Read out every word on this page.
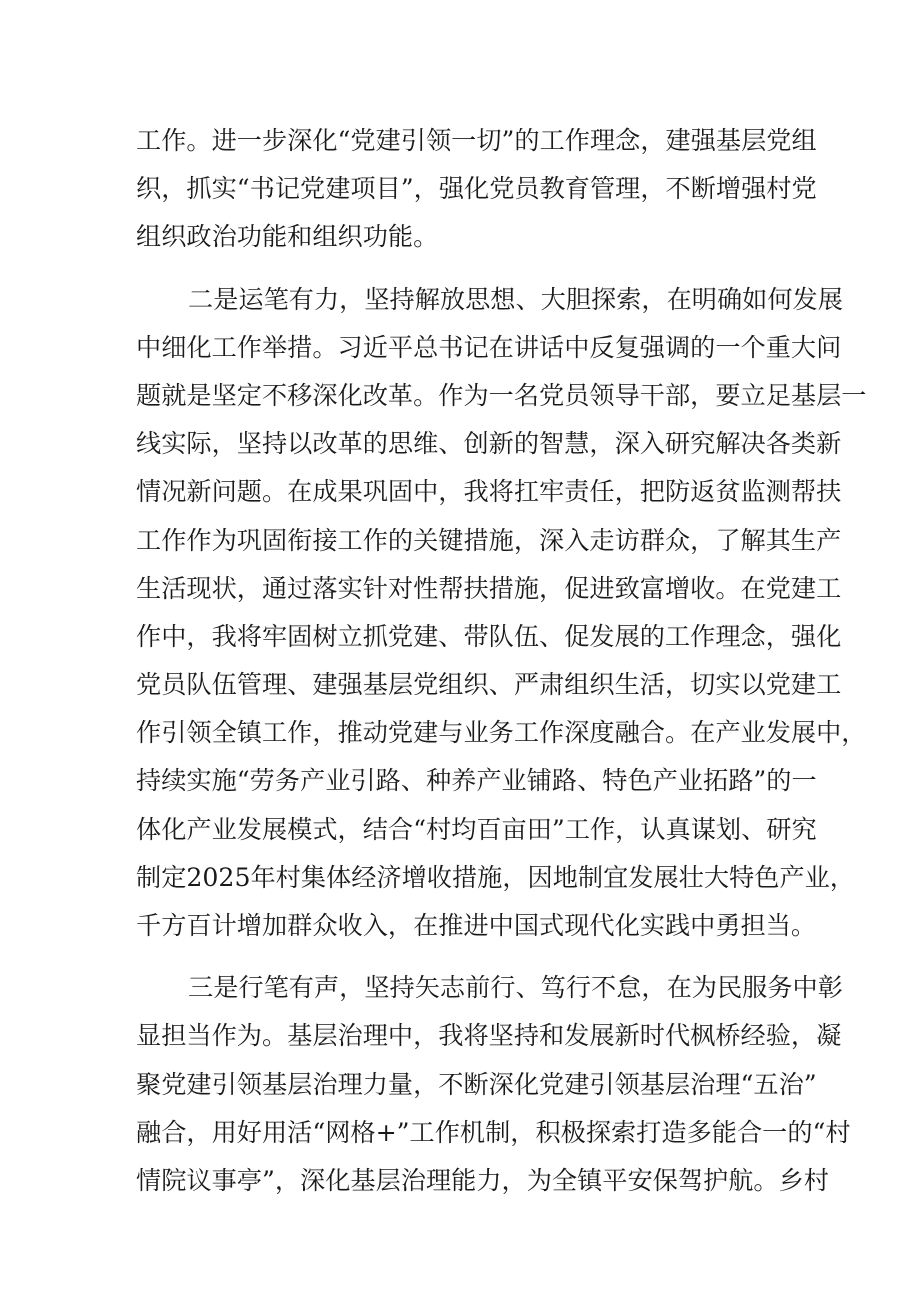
工作。进一步深化“党建引领一切”的工作理念，建强基层党组
织，抓实“书记党建项目”，强化党员教育管理，不断增强村党
组织政治功能和组织功能。
二是运笔有力，坚持解放思想、大胆探索，在明确如何发展
中细化工作举措。习近平总书记在讲话中反复强调的一个重大问
题就是坚定不移深化改革。作为一名党员领导干部，要立足基层一
线实际，坚持以改革的思维、创新的智慧，深入研究解决各类新
情况新问题。在成果巩固中，我将扛牢责任，把防返贫监测帮扶
工作作为巩固衔接工作的关键措施，深入走访群众，了解其生产
生活现状，通过落实针对性帮扶措施，促进致富增收。在党建工
作中，我将牢固树立抓党建、带队伍、促发展的工作理念，强化
党员队伍管理、建强基层党组织、严肃组织生活，切实以党建工
作引领全镇工作，推动党建与业务工作深度融合。在产业发展中，
持续实施“劳务产业引路、种养产业铺路、特色产业拓路”的一
体化产业发展模式，结合“村均百亩田”工作，认真谋划、研究
制定2025年村集体经济增收措施，因地制宜发展壮大特色产业，
千方百计增加群众收入，在推进中国式现代化实践中勇担当。
三是行笔有声，坚持矢志前行、笃行不怠，在为民服务中彰
显担当作为。基层治理中，我将坚持和发展新时代枫桥经验，凝
聚党建引领基层治理力量，不断深化党建引领基层治理“五治”
融合，用好用活“网格+”工作机制，积极探索打造多能合一的“村
情院议事亭”，深化基层治理能力，为全镇平安保驾护航。乡村
